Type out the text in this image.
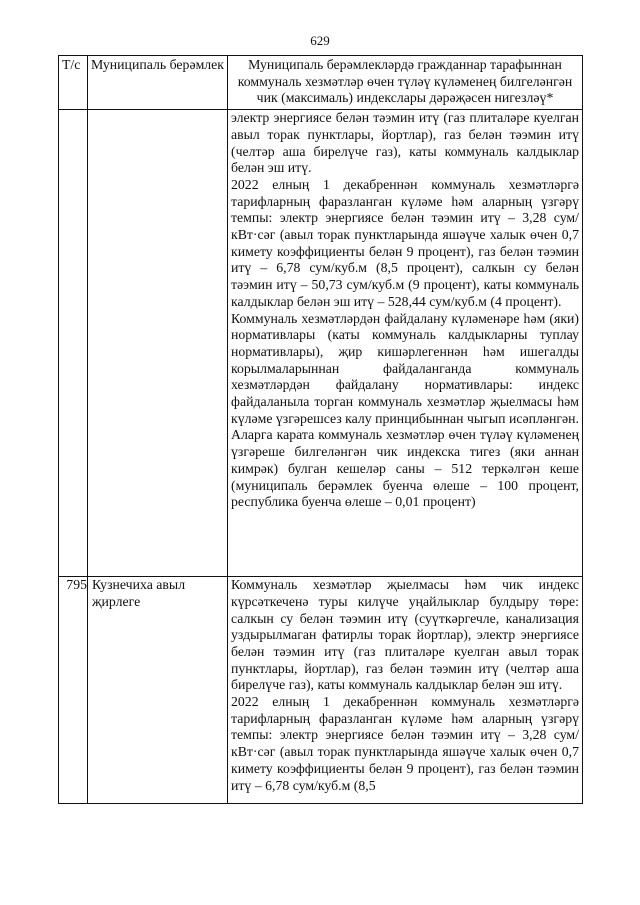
629
Т/с	Муниципаль берәмлек	Муниципаль берәмлекләрдә гражданнар тарафыннан коммуналь хезмәтләр өчен түләү күләменең билгеләнгән чик (максималь) индекслары дәрәҗәсен нигезләү*

		электр энергиясе белән тәэмин итү (газ плиталәре куелган авыл торак пунктлары, йортлар), газ белән тәэмин итү (челтәр аша бирелүче газ), каты коммуналь калдыклар белән эш итү.

2022 елның 1 декабреннән коммуналь хезмәтләргә тарифларның фаразланган күләме һәм аларның үзгәрү темпы: электр энергиясе белән тәэмин итү – 3,28 сум/кВт·сәг (авыл торак пунктларында яшәүче халык өчен 0,7 кимету коэффициенты белән 9 процент), газ белән тәэмин итү – 6,78 сум/куб.м (8,5 процент), салкын су белән тәэмин итү – 50,73 сум/куб.м (9 процент), каты коммуналь калдыклар белән эш итү – 528,44 сум/куб.м (4 процент).

Коммуналь хезмәтләрдән файдалану күләменәре һәм (яки) нормативлары (каты коммуналь калдыкларны туплау нормативлары), җир кишәрлегеннән һәм ишегалды корылмаларыннан файдаланганда коммуналь хезмәтләрдән файдалану нормативлары: индекс файдаланыла торган коммуналь хезмәтләр җыелмасы һәм күләме үзгәрешсез калу принцибыннан чыгып исәпләнгән.

Аларга карата коммуналь хезмәтләр өчен түләү күләменең үзгәреше билгеләнгән чик индекска тигез (яки аннан кимрәк) булган кешеләр саны – 512 теркәлгән кеше (муниципаль берәмлек буенча өлеше – 100 процент, республика буенча өлеше – 0,01 процент)

795	Кузнечиха авыл җирлеге	Коммуналь хезмәтләр җыелмасы һәм чик индекс күрсәткеченә туры килүче уңайлыклар булдыру төре: салкын су белән тәэмин итү (суүткәргечле, канализация уздырылмаган фатирлы торак йортлар), электр энергиясе белән тәэмин итү (газ плиталәре куелган авыл торак пунктлары, йортлар), газ белән тәэмин итү (челтәр аша бирелүче газ), каты коммуналь калдыклар белән эш итү.

2022 елның 1 декабреннән коммуналь хезмәтләргә тарифларның фаразланган күләме һәм аларның үзгәрү темпы: электр энергиясе белән тәэмин итү – 3,28 сум/кВт·сәг (авыл торак пунктларында яшәүче халык өчен 0,7 кимету коэффициенты белән 9 процент), газ белән тәэмин итү – 6,78 сум/куб.м (8,5
